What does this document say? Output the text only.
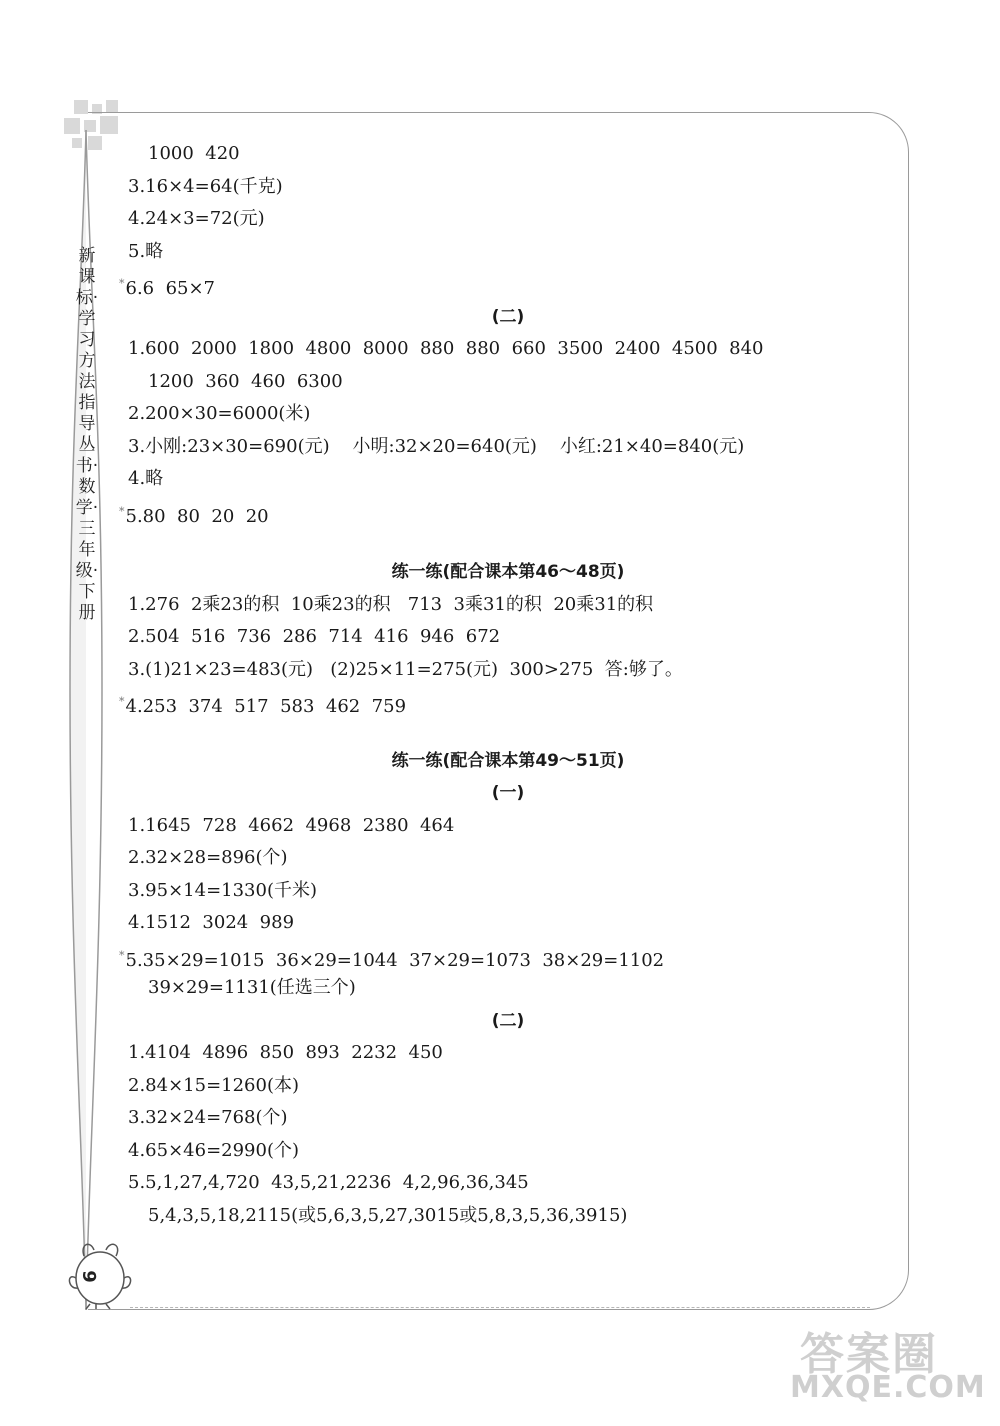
新课标·学习方法指导丛书·数学·三年级·下册
1000  420
3.16×4=64(千克)
4.24×3=72(元)
5.略
*6.6  65×7
(二)
1.600  2000  1800  4800  8000  880  880  660  3500  2400  4500  840
1200  360  460  6300
2.200×30=6000(米)
3.小刚:23×30=690(元)    小明:32×20=640(元)    小红:21×40=840(元)
4.略
*5.80  80  20  20
练一练(配合课本第46～48页)
1.276  2乘23的积  10乘23的积   713  3乘31的积  20乘31的积
2.504  516  736  286  714  416  946  672
3.(1)21×23=483(元)   (2)25×11=275(元)  300>275  答:够了。
*4.253  374  517  583  462  759
练一练(配合课本第49～51页)
(一)
1.1645  728  4662  4968  2380  464
2.32×28=896(个)
3.95×14=1330(千米)
4.1512  3024  989
*5.35×29=1015  36×29=1044  37×29=1073  38×29=1102
39×29=1131(任选三个)
(二)
1.4104  4896  850  893  2232  450
2.84×15=1260(本)
3.32×24=768(个)
4.65×46=2990(个)
5.5,1,27,4,720  43,5,21,2236  4,2,96,36,345
5,4,3,5,18,2115(或5,6,3,5,27,3015或5,8,3,5,36,3915)
6
答案圈
MXQE.COM
